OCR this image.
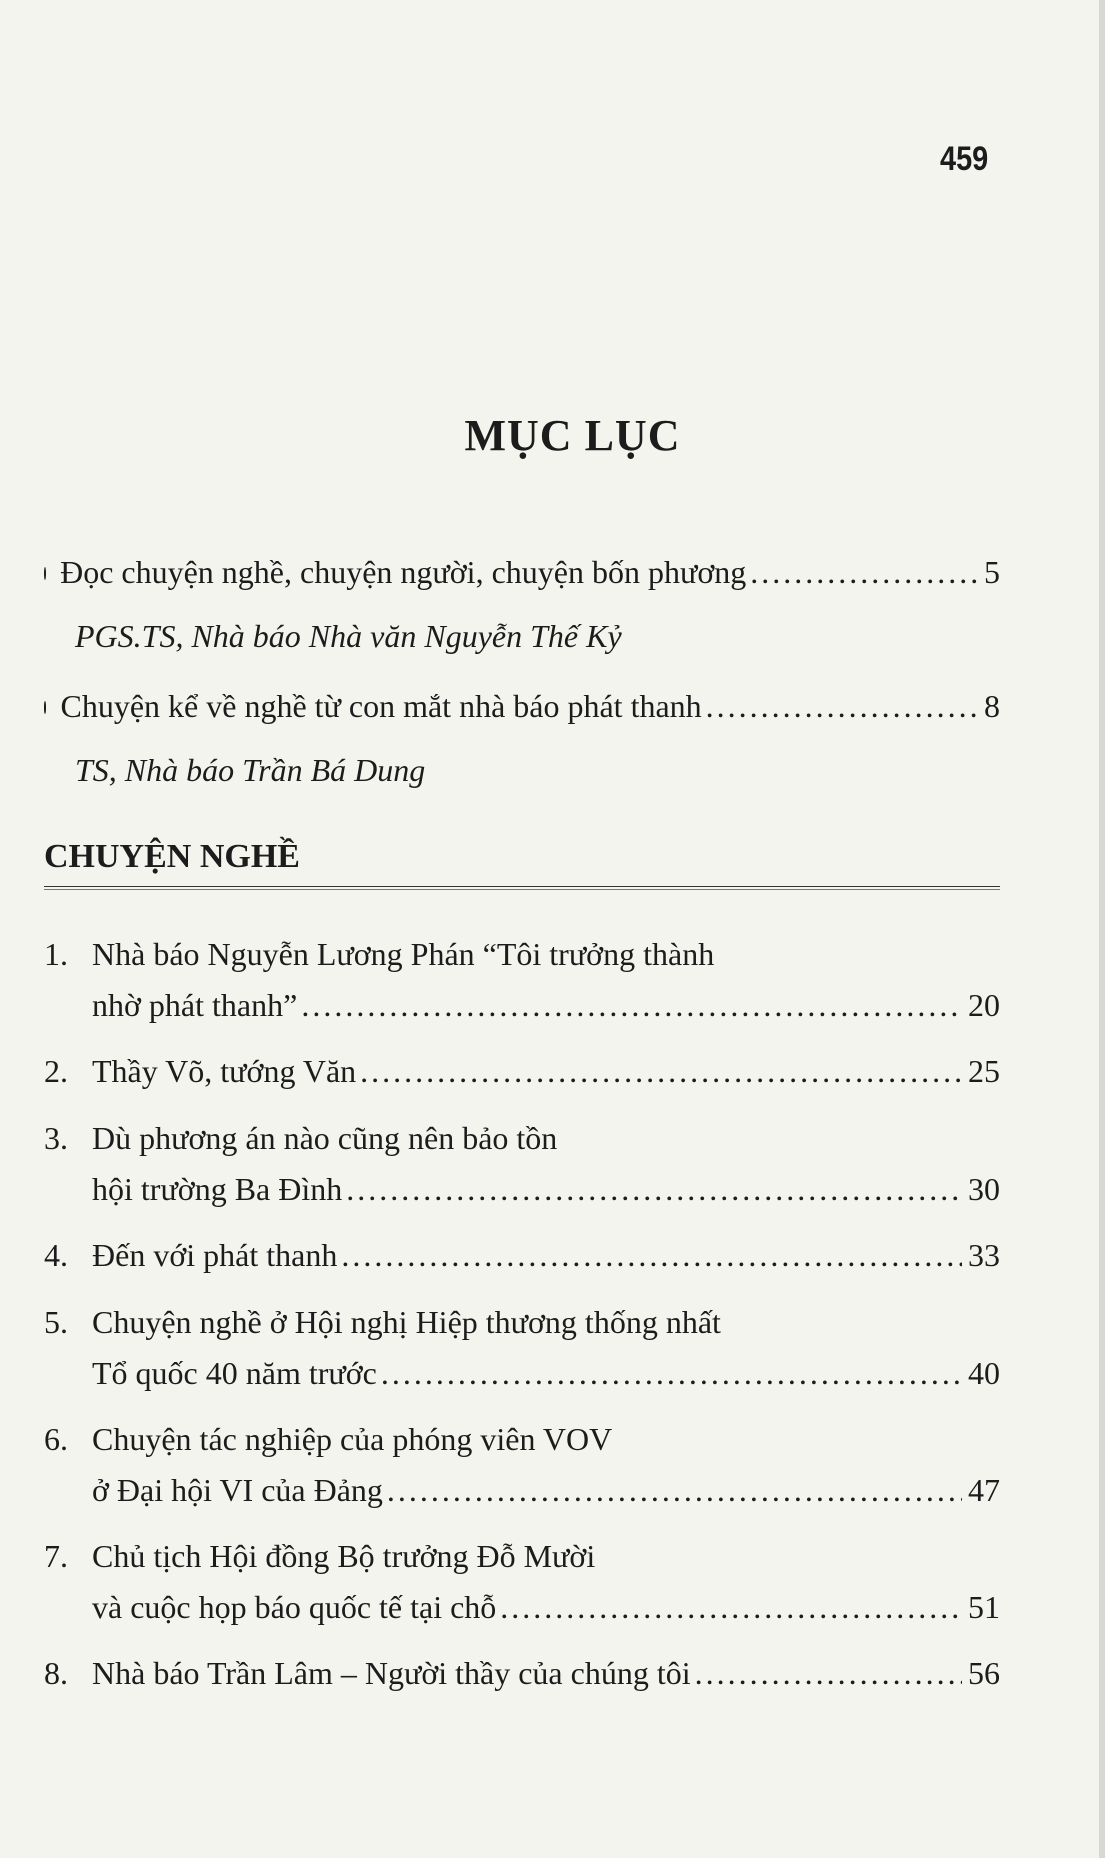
459
MỤC LỤC
Đọc chuyện nghề, chuyện người, chuyện bốn phương . . .	5
PGS.TS, Nhà báo Nhà văn Nguyễn Thế Kỷ
Chuyện kể về nghề từ con mắt nhà báo phát thanh . . .	8
TS, Nhà báo Trần Bá Dung
CHUYỆN NGHỀ
1. Nhà báo Nguyễn Lương Phán “Tôi trưởng thành
nhờ phát thanh” . . .	20
2. Thầy Võ, tướng Văn . . .	25
3. Dù phương án nào cũng nên bảo tồn
hội trường Ba Đình . . .	30
4. Đến với phát thanh . . .	33
5. Chuyện nghề ở Hội nghị Hiệp thương thống nhất
Tổ quốc 40 năm trước . . .	40
6. Chuyện tác nghiệp của phóng viên VOV
ở Đại hội VI của Đảng . . .	47
7. Chủ tịch Hội đồng Bộ trưởng Đỗ Mười
và cuộc họp báo quốc tế tại chỗ . . .	51
8. Nhà báo Trần Lâm – Người thầy của chúng tôi . . .	56
